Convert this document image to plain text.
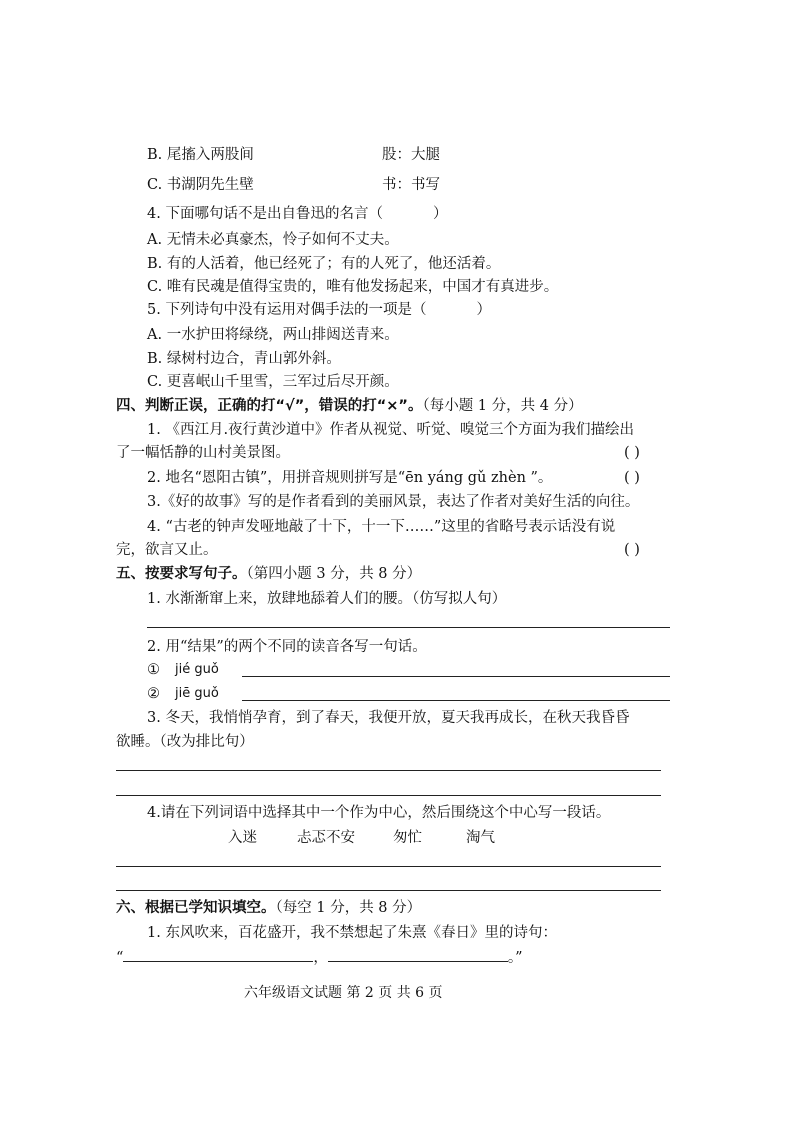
B. 尾搐入两股间	股：大腿
C. 书湖阴先生壁	书：书写
4. 下面哪句话不是出自鲁迅的名言（	）
A. 无情未必真豪杰，怜子如何不丈夫。
B. 有的人活着，他已经死了；有的人死了，他还活着。
C. 唯有民魂是值得宝贵的，唯有他发扬起来，中国才有真进步。
5. 下列诗句中没有运用对偶手法的一项是（	）
A. 一水护田将绿绕，两山排闼送青来。
B. 绿树村边合，青山郭外斜。
C. 更喜岷山千里雪，三军过后尽开颜。
四、判断正误，正确的打“√”，错误的打“×”。（每小题 1 分，共 4 分）
1. 《西江月.夜行黄沙道中》作者从视觉、听觉、嗅觉三个方面为我们描绘出
了一幅恬静的山村美景图。	( )
2. 地名“恩阳古镇”，用拼音规则拼写是“ēn yáng gǔ zhèn ”。	( )
3.《好的故事》写的是作者看到的美丽风景，表达了作者对美好生活的向往。
4. “古老的钟声发哑地敲了十下，十一下……”这里的省略号表示话没有说
完，欲言又止。	( )
五、按要求写句子。（第四小题 3 分，共 8 分）
1. 水渐渐窜上来，放肆地舔着人们的腰。（仿写拟人句）
2. 用“结果”的两个不同的读音各写一句话。
① jié guǒ
② jiē guǒ
3. 冬天，我悄悄孕育，到了春天，我便开放，夏天我再成长，在秋天我昏昏
欲睡。（改为排比句）
4.请在下列词语中选择其中一个作为中心，然后围绕这个中心写一段话。
入迷	忐忑不安	匆忙	淘气
六、根据已学知识填空。（每空 1 分，共 8 分）
1. 东风吹来，百花盛开，我不禁想起了朱熹《春日》里的诗句：
“	，	。”
六年级语文试题 第 2 页 共 6 页
